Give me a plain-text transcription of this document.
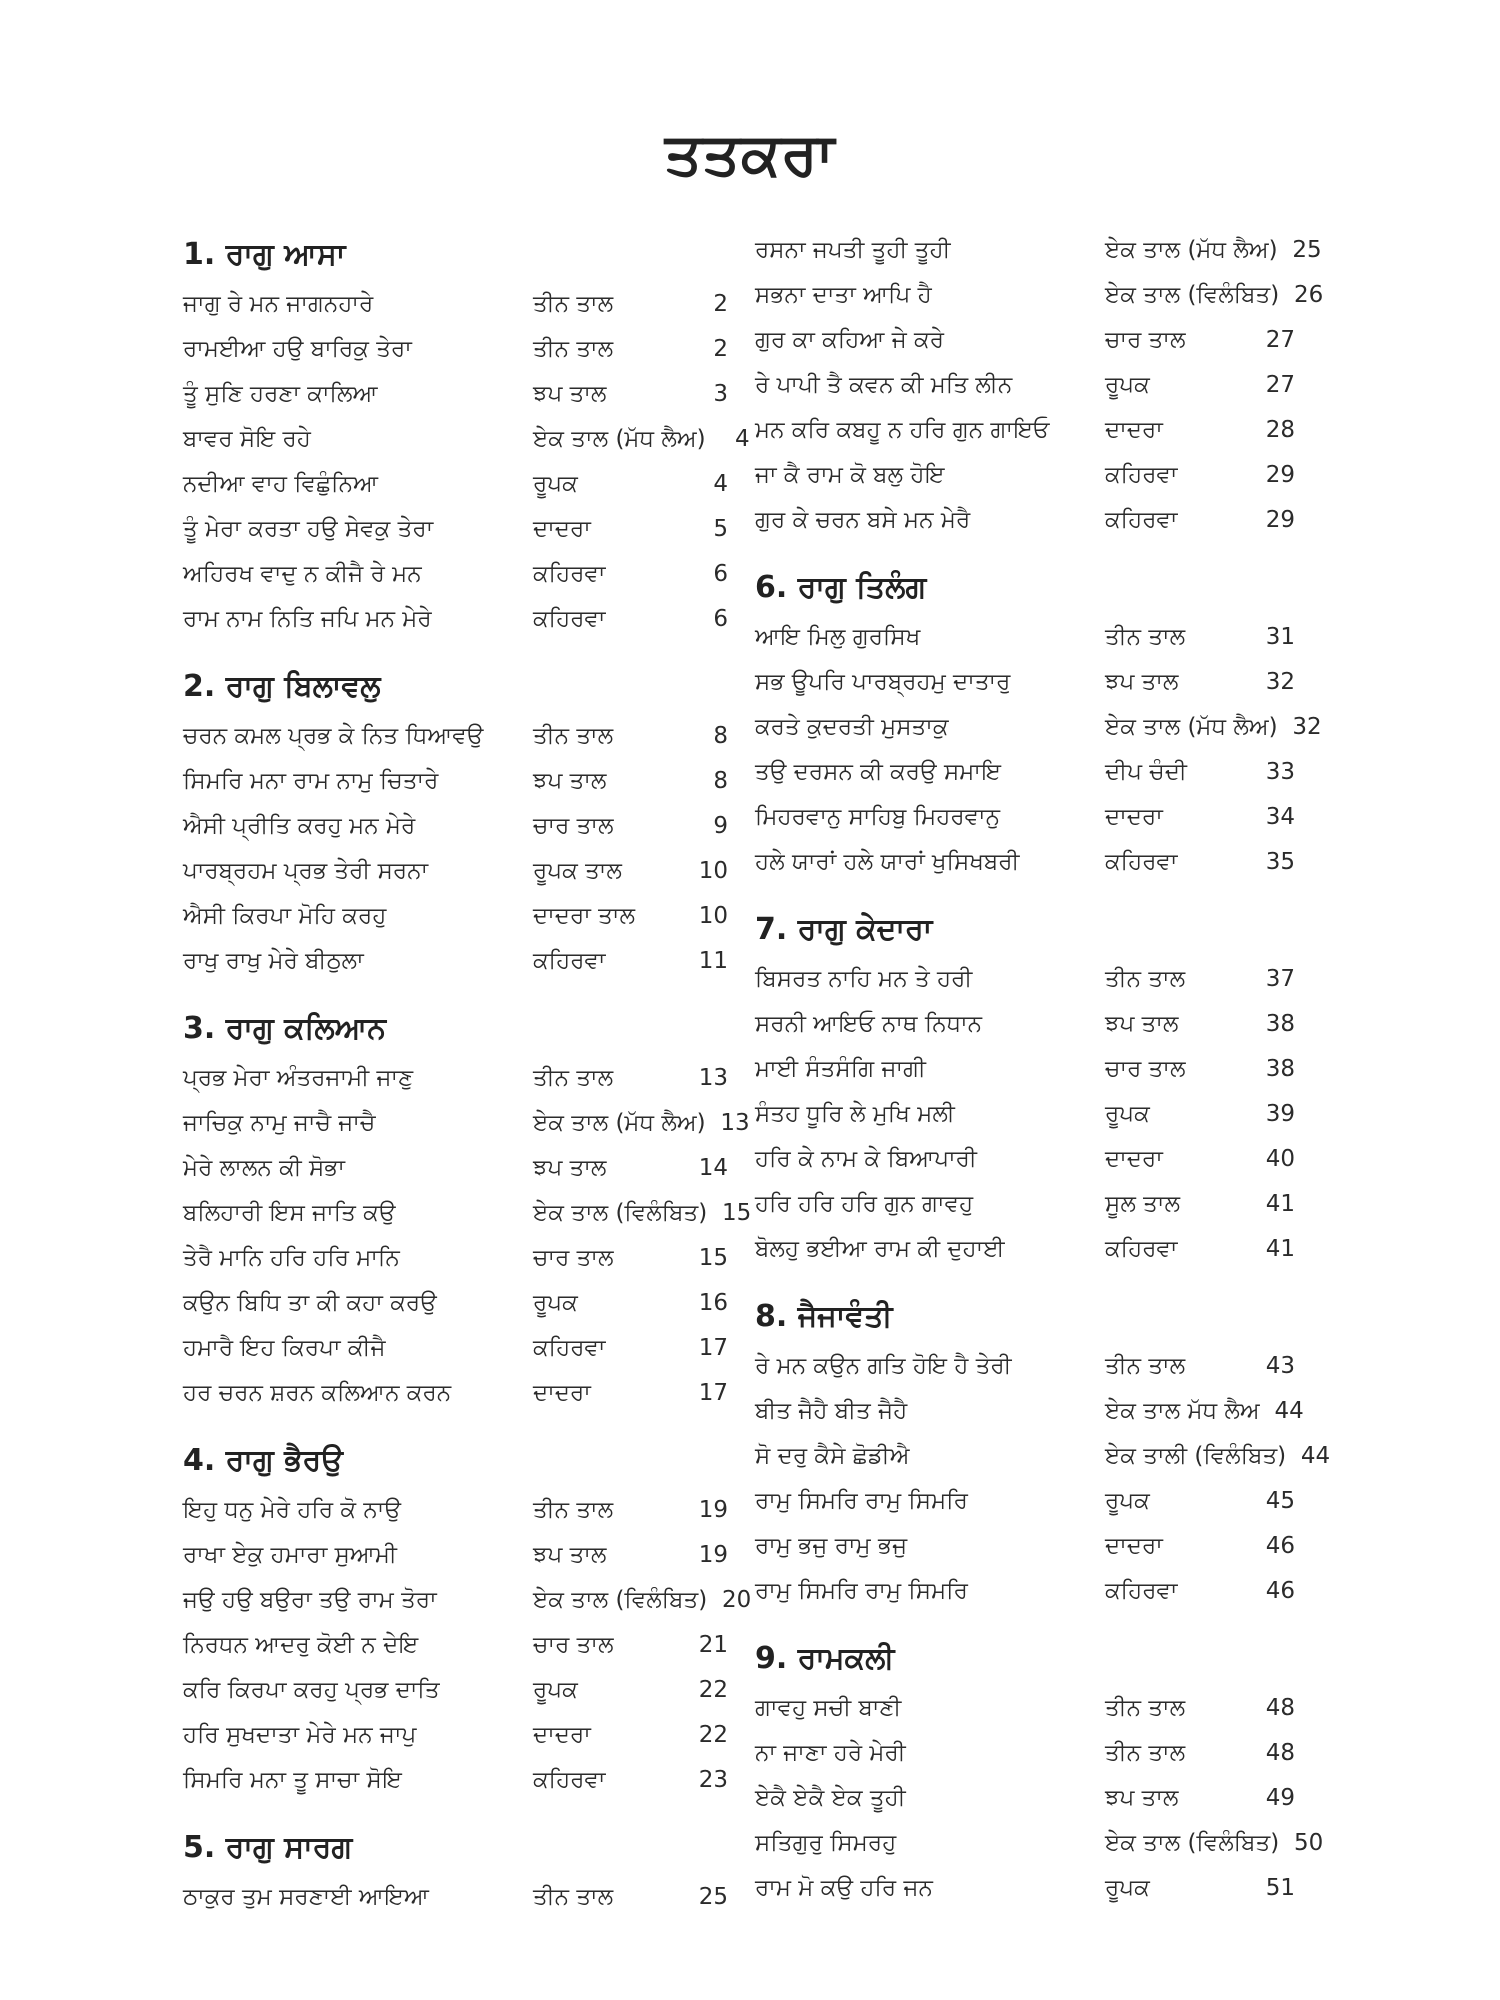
ਤਤਕਰਾ
1. ਰਾਗੁ ਆਸਾ
ਜਾਗੁ ਰੇ ਮਨ ਜਾਗਨਹਾਰੇ	ਤੀਨ ਤਾਲ	2
ਰਾਮਈਆ ਹਉ ਬਾਰਿਕੁ ਤੇਰਾ	ਤੀਨ ਤਾਲ	2
ਤੂੰ ਸੁਣਿ ਹਰਣਾ ਕਾਲਿਆ	ਝਪ ਤਾਲ	3
ਬਾਵਰ ਸੋਇ ਰਹੇ	ਏਕ ਤਾਲ (ਮੱਧ ਲੈਅ)	4
ਨਦੀਆ ਵਾਹ ਵਿਛੁੰਨਿਆ	ਰੂਪਕ	4
ਤੂੰ ਮੇਰਾ ਕਰਤਾ ਹਉ ਸੇਵਕੁ ਤੇਰਾ	ਦਾਦਰਾ	5
ਅਹਿਰਖ ਵਾਦੁ ਨ ਕੀਜੈ ਰੇ ਮਨ	ਕਹਿਰਵਾ	6
ਰਾਮ ਨਾਮ ਨਿਤਿ ਜਪਿ ਮਨ ਮੇਰੇ	ਕਹਿਰਵਾ	6
2. ਰਾਗੁ ਬਿਲਾਵਲੁ
ਚਰਨ ਕਮਲ ਪ੍ਰਭ ਕੇ ਨਿਤ ਧਿਆਵਉ	ਤੀਨ ਤਾਲ	8
ਸਿਮਰਿ ਮਨਾ ਰਾਮ ਨਾਮੁ ਚਿਤਾਰੇ	ਝਪ ਤਾਲ	8
ਐਸੀ ਪ੍ਰੀਤਿ ਕਰਹੁ ਮਨ ਮੇਰੇ	ਚਾਰ ਤਾਲ	9
ਪਾਰਬ੍ਰਹਮ ਪ੍ਰਭ ਤੇਰੀ ਸਰਨਾ	ਰੂਪਕ ਤਾਲ	10
ਐਸੀ ਕਿਰਪਾ ਮੋਹਿ ਕਰਹੁ	ਦਾਦਰਾ ਤਾਲ	10
ਰਾਖੁ ਰਾਖੁ ਮੇਰੇ ਬੀਠੁਲਾ	ਕਹਿਰਵਾ	11
3. ਰਾਗੁ ਕਲਿਆਨ
ਪ੍ਰਭ ਮੇਰਾ ਅੰਤਰਜਾਮੀ ਜਾਣੁ	ਤੀਨ ਤਾਲ	13
ਜਾਚਿਕੁ ਨਾਮੁ ਜਾਚੈ ਜਾਚੈ	ਏਕ ਤਾਲ (ਮੱਧ ਲੈਅ) 13
ਮੇਰੇ ਲਾਲਨ ਕੀ ਸੋਭਾ	ਝਪ ਤਾਲ	14
ਬਲਿਹਾਰੀ ਇਸ ਜਾਤਿ ਕਉ	ਏਕ ਤਾਲ (ਵਿਲੰਬਿਤ) 15
ਤੇਰੈ ਮਾਨਿ ਹਰਿ ਹਰਿ ਮਾਨਿ	ਚਾਰ ਤਾਲ	15
ਕਉਨ ਬਿਧਿ ਤਾ ਕੀ ਕਹਾ ਕਰਉ	ਰੂਪਕ	16
ਹਮਾਰੈ ਇਹ ਕਿਰਪਾ ਕੀਜੈ	ਕਹਿਰਵਾ	17
ਹਰ ਚਰਨ ਸ਼ਰਨ ਕਲਿਆਨ ਕਰਨ	ਦਾਦਰਾ	17
4. ਰਾਗੁ ਭੈਰਉ
ਇਹੁ ਧਨੁ ਮੇਰੇ ਹਰਿ ਕੋ ਨਾਉ	ਤੀਨ ਤਾਲ	19
ਰਾਖਾ ਏਕੁ ਹਮਾਰਾ ਸੁਆਮੀ	ਝਪ ਤਾਲ	19
ਜਉ ਹਉ ਬਉਰਾ ਤਉ ਰਾਮ ਤੋਰਾ	ਏਕ ਤਾਲ (ਵਿਲੰਬਿਤ) 20
ਨਿਰਧਨ ਆਦਰੁ ਕੋਈ ਨ ਦੇਇ	ਚਾਰ ਤਾਲ	21
ਕਰਿ ਕਿਰਪਾ ਕਰਹੁ ਪ੍ਰਭ ਦਾਤਿ	ਰੂਪਕ	22
ਹਰਿ ਸੁਖਦਾਤਾ ਮੇਰੇ ਮਨ ਜਾਪੁ	ਦਾਦਰਾ	22
ਸਿਮਰਿ ਮਨਾ ਤੂ ਸਾਚਾ ਸੋਇ	ਕਹਿਰਵਾ	23
5. ਰਾਗੁ ਸਾਰਗ
ਠਾਕੁਰ ਤੁਮ ਸਰਣਾਈ ਆਇਆ	ਤੀਨ ਤਾਲ	25
ਰਸਨਾ ਜਪਤੀ ਤੂਹੀ ਤੂਹੀ	ਏਕ ਤਾਲ (ਮੱਧ ਲੈਅ) 25
ਸਭਨਾ ਦਾਤਾ ਆਪਿ ਹੈ	ਏਕ ਤਾਲ (ਵਿਲੰਬਿਤ) 26
ਗੁਰ ਕਾ ਕਹਿਆ ਜੇ ਕਰੇ	ਚਾਰ ਤਾਲ	27
ਰੇ ਪਾਪੀ ਤੈ ਕਵਨ ਕੀ ਮਤਿ ਲੀਨ	ਰੂਪਕ	27
ਮਨ ਕਰਿ ਕਬਹੂ ਨ ਹਰਿ ਗੁਨ ਗਾਇਓ	ਦਾਦਰਾ	28
ਜਾ ਕੈ ਰਾਮ ਕੋ ਬਲੁ ਹੋਇ	ਕਹਿਰਵਾ	29
ਗੁਰ ਕੇ ਚਰਨ ਬਸੇ ਮਨ ਮੇਰੈ	ਕਹਿਰਵਾ	29
6. ਰਾਗੁ ਤਿਲੰਗ
ਆਇ ਮਿਲੁ ਗੁਰਸਿਖ	ਤੀਨ ਤਾਲ	31
ਸਭ ਊਪਰਿ ਪਾਰਬ੍ਰਹਮੁ ਦਾਤਾਰੁ	ਝਪ ਤਾਲ	32
ਕਰਤੇ ਕੁਦਰਤੀ ਮੁਸਤਾਕੁ	ਏਕ ਤਾਲ (ਮੱਧ ਲੈਅ) 32
ਤਉ ਦਰਸਨ ਕੀ ਕਰਉ ਸਮਾਇ	ਦੀਪ ਚੰਦੀ	33
ਮਿਹਰਵਾਨੁ ਸਾਹਿਬੁ ਮਿਹਰਵਾਨੁ	ਦਾਦਰਾ	34
ਹਲੇ ਯਾਰਾਂ ਹਲੇ ਯਾਰਾਂ ਖੁਸਿਖਬਰੀ	ਕਹਿਰਵਾ	35
7. ਰਾਗੁ ਕੇਦਾਰਾ
ਬਿਸਰਤ ਨਾਹਿ ਮਨ ਤੇ ਹਰੀ	ਤੀਨ ਤਾਲ	37
ਸਰਨੀ ਆਇਓ ਨਾਥ ਨਿਧਾਨ	ਝਪ ਤਾਲ	38
ਮਾਈ ਸੰਤਸੰਗਿ ਜਾਗੀ	ਚਾਰ ਤਾਲ	38
ਸੰਤਹ ਧੂਰਿ ਲੇ ਮੁਖਿ ਮਲੀ	ਰੂਪਕ	39
ਹਰਿ ਕੇ ਨਾਮ ਕੇ ਬਿਆਪਾਰੀ	ਦਾਦਰਾ	40
ਹਰਿ ਹਰਿ ਹਰਿ ਗੁਨ ਗਾਵਹੁ	ਸੂਲ ਤਾਲ	41
ਬੋਲਹੁ ਭਈਆ ਰਾਮ ਕੀ ਦੁਹਾਈ	ਕਹਿਰਵਾ	41
8. ਜੈਜਾਵੰਤੀ
ਰੇ ਮਨ ਕਉਨ ਗਤਿ ਹੋਇ ਹੈ ਤੇਰੀ	ਤੀਨ ਤਾਲ	43
ਬੀਤ ਜੈਹੈ ਬੀਤ ਜੈਹੈ	ਏਕ ਤਾਲ ਮੱਧ ਲੈਅ 44
ਸੋ ਦਰੁ ਕੈਸੇ ਛੋਡੀਐ	ਏਕ ਤਾਲੀ (ਵਿਲੰਬਿਤ) 44
ਰਾਮੁ ਸਿਮਰਿ ਰਾਮੁ ਸਿਮਰਿ	ਰੂਪਕ	45
ਰਾਮੁ ਭਜੁ ਰਾਮੁ ਭਜੁ	ਦਾਦਰਾ	46
ਰਾਮੁ ਸਿਮਰਿ ਰਾਮੁ ਸਿਮਰਿ	ਕਹਿਰਵਾ	46
9. ਰਾਮਕਲੀ
ਗਾਵਹੁ ਸਚੀ ਬਾਣੀ	ਤੀਨ ਤਾਲ	48
ਨਾ ਜਾਣਾ ਹਰੇ ਮੇਰੀ	ਤੀਨ ਤਾਲ	48
ਏਕੈ ਏਕੈ ਏਕ ਤੂਹੀ	ਝਪ ਤਾਲ	49
ਸਤਿਗੁਰੁ ਸਿਮਰਹੁ	ਏਕ ਤਾਲ (ਵਿਲੰਬਿਤ) 50
ਰਾਮ ਮੋ ਕਉ ਹਰਿ ਜਨ	ਰੂਪਕ	51
